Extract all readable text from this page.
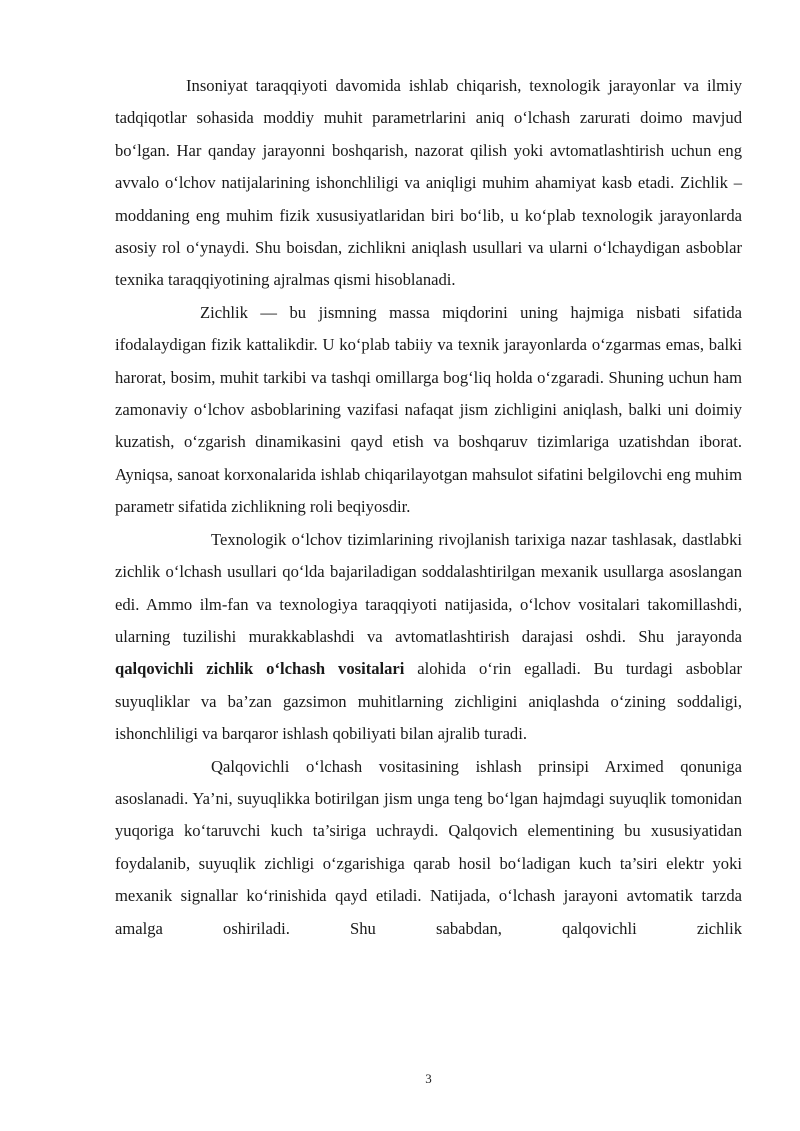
Insoniyat taraqqiyoti davomida ishlab chiqarish, texnologik jarayonlar va ilmiy tadqiqotlar sohasida moddiy muhit parametrlarini aniq o‘lchash zarurati doimo mavjud bo‘lgan. Har qanday jarayonni boshqarish, nazorat qilish yoki avtomatlashtirish uchun eng avvalo o‘lchov natijalarining ishonchliligi va aniqligi muhim ahamiyat kasb etadi. Zichlik – moddaning eng muhim fizik xususiyatlaridan biri bo‘lib, u ko‘plab texnologik jarayonlarda asosiy rol o‘ynaydi. Shu boisdan, zichlikni aniqlash usullari va ularni o‘lchaydigan asboblar texnika taraqqiyotining ajralmas qismi hisoblanadi.

Zichlik — bu jismning massa miqdorini uning hajmiga nisbati sifatida ifodalaydigan fizik kattalikdir. U ko‘plab tabiiy va texnik jarayonlarda o‘zgarmas emas, balki harorat, bosim, muhit tarkibi va tashqi omillarga bog‘liq holda o‘zgaradi. Shuning uchun ham zamonaviy o‘lchov asboblarining vazifasi nafaqat jism zichligini aniqlash, balki uni doimiy kuzatish, o‘zgarish dinamikasini qayd etish va boshqaruv tizimlariga uzatishdan iborat. Ayniqsa, sanoat korxonalarida ishlab chiqarilayotgan mahsulot sifatini belgilovchi eng muhim parametr sifatida zichlikning roli beqiyosdir.

Texnologik o‘lchov tizimlarining rivojlanish tarixiga nazar tashlasak, dastlabki zichlik o‘lchash usullari qo‘lda bajariladigan soddalashtirilgan mexanik usullarga asoslangan edi. Ammo ilm-fan va texnologiya taraqqiyoti natijasida, o‘lchov vositalari takomillashdi, ularning tuzilishi murakkablashdi va avtomatlashtirish darajasi oshdi. Shu jarayonda qalqovichli zichlik o‘lchash vositalari alohida o‘rin egalladi. Bu turdagi asboblar suyuqliklar va ba’zan gazsimon muhitlarning zichligini aniqlashda o‘zining soddaligi, ishonchliligi va barqaror ishlash qobiliyati bilan ajralib turadi.

Qalqovichli o‘lchash vositasining ishlash prinsipi Arximed qonuniga asoslanadi. Ya’ni, suyuqlikka botirilgan jism unga teng bo‘lgan hajmdagi suyuqlik tomonidan yuqoriga ko‘taruvchi kuch ta’siriga uchraydi. Qalqovich elementining bu xususiyatidan foydalanib, suyuqlik zichligi o‘zgarishiga qarab hosil bo‘ladigan kuch ta’siri elektr yoki mexanik signallar ko‘rinishida qayd etiladi. Natijada, o‘lchash jarayoni avtomatik tarzda amalga oshiriladi. Shu sababdan, qalqovichli zichlik

3
